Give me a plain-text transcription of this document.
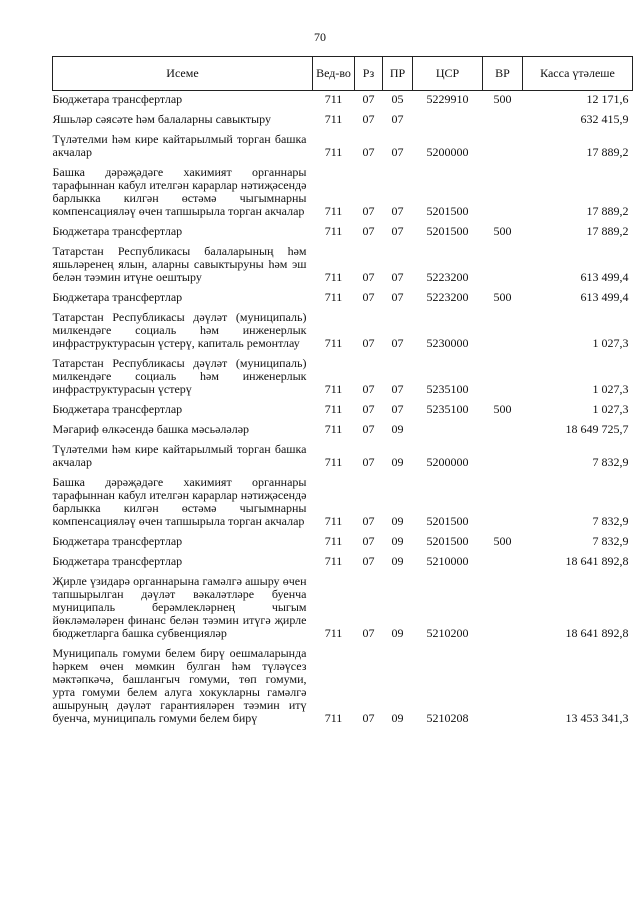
70
Исеме	Вед-во	Рз	ПР	ЦСР	ВР	Касса үтәлеше
Бюджетара трансфертлар	711	07	05	5229910	500	12 171,6
Яшьләр сәясәте һәм балаларны савыктыру	711	07	07			632 415,9
Түләтелми һәм кире кайтарылмый торган башка акчалар	711	07	07	5200000		17 889,2
Башка дәрәҗәдәге хакимият органнары тарафыннан кабул ителгән карарлар нәтиҗәсендә барлыкка килгән өстәмә чыгымнарны компенсацияләү өчен тапшырыла торган акчалар	711	07	07	5201500		17 889,2
Бюджетара трансфертлар	711	07	07	5201500	500	17 889,2
Татарстан Республикасы балаларының һәм яшьләренең ялын, аларны савыктыруны һәм эш белән тәэмин итүне оештыру	711	07	07	5223200		613 499,4
Бюджетара трансфертлар	711	07	07	5223200	500	613 499,4
Татарстан Республикасы дәүләт (муниципаль) милкендәге социаль һәм инженерлык инфраструктурасын үстерү, капиталь ремонтлау	711	07	07	5230000		1 027,3
Татарстан Республикасы дәүләт (муниципаль) милкендәге социаль һәм инженерлык инфраструктурасын үстерү	711	07	07	5235100		1 027,3
Бюджетара трансфертлар	711	07	07	5235100	500	1 027,3
Мәгариф өлкәсендә башка мәсьәләләр	711	07	09			18 649 725,7
Түләтелми һәм кире кайтарылмый торган башка акчалар	711	07	09	5200000		7 832,9
Башка дәрәҗәдәге хакимият органнары тарафыннан кабул ителгән карарлар нәтиҗәсендә барлыкка килгән өстәмә чыгымнарны компенсацияләү өчен тапшырыла торган акчалар	711	07	09	5201500		7 832,9
Бюджетара трансфертлар	711	07	09	5201500	500	7 832,9
Бюджетара трансфертлар	711	07	09	5210000		18 641 892,8
Җирле үзидарә органнарына гамәлгә ашыру өчен тапшырылган дәүләт вәкаләтләре буенча муниципаль берәмлекләрнең чыгым йөкләмәләрен финанс белән тәэмин итүгә җирле бюджетларга башка субвенцияләр	711	07	09	5210200		18 641 892,8
Муниципаль гомуми белем бирү оешмаларында һәркем өчен мөмкин булган һәм түләүсез мәктәпкәчә, башлангыч гомуми, төп гомуми, урта гомуми белем алуга хокукларны гамәлгә ашыруның дәүләт гарантияләрен тәэмин итү буенча, муниципаль гомуми белем бирү	711	07	09	5210208		13 453 341,3
